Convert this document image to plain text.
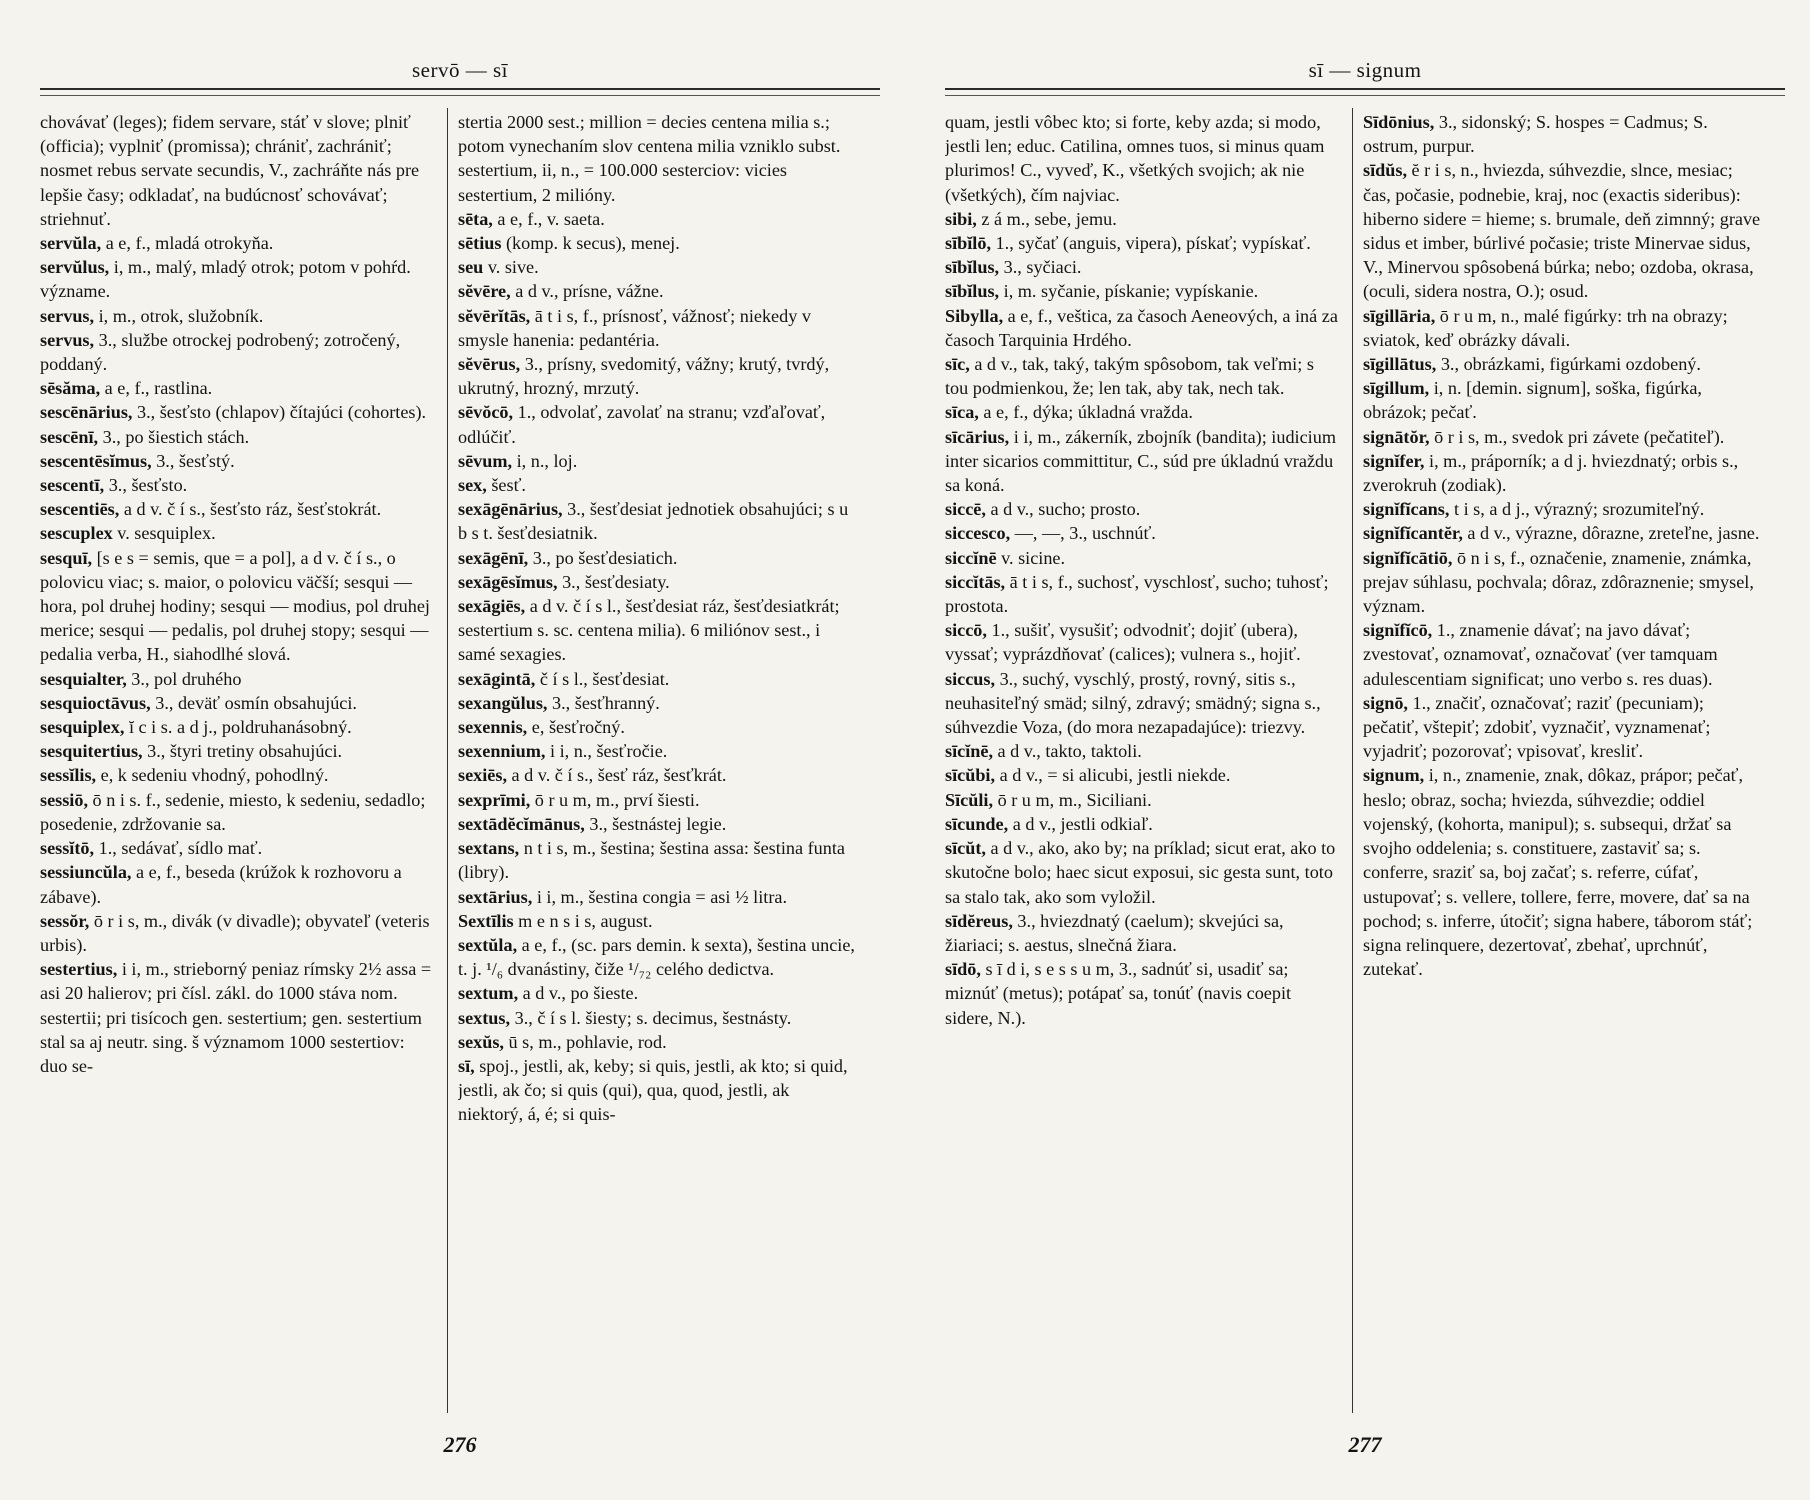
servō — sī

chovávať (leges); fidem servare, stáť v slove; plniť (officia); vyplniť (promissa); chrániť, zachrániť; nosmet rebus servate secundis, V., zachráňte nás pre lepšie časy; odkladať, na budúcnosť schovávať; striehnuť.

servŭla, a e, f., mladá otrokyňa.

servŭlus, i, m., malý, mladý otrok; potom v pohŕd. význame.

servus, i, m., otrok, služobník.

servus, 3., službe otrockej podrobený; zotročený, poddaný.

sēsăma, a e, f., rastlina.

sescēnārius, 3., šesťsto (chlapov) čítajúci (cohortes).

sescēnī, 3., po šiestich stách.

sescentēsĭmus, 3., šesťstý.

sescentī, 3., šesťsto.

sescentiēs, a d v. č í s., šesťsto ráz, šesťstokrát.

sescuplex v. sesquiplex.

sesquī, [s e s = semis, que = a pol], a d v. č í s., o polovicu viac; s. maior, o polovicu väčší; sesqui — hora, pol druhej hodiny; sesqui — modius, pol druhej merice; sesqui — pedalis, pol druhej stopy; sesqui — pedalia verba, H., siahodlhé slová.

sesquialter, 3., pol druhého

sesquioctāvus, 3., deväť osmín obsahujúci.

sesquiplex, ĭ c i s. a d j., poldruhanásobný.

sesquitertius, 3., štyri tretiny obsahujúci.

sessĭlis, e, k sedeniu vhodný, pohodlný.

sessiō, ō n i s. f., sedenie, miesto, k sedeniu, sedadlo; posedenie, zdržovanie sa.

sessĭtō, 1., sedávať, sídlo mať.

sessiuncŭla, a e, f., beseda (krúžok k rozhovoru a zábave).

sessŏr, ō r i s, m., divák (v divadle); obyvateľ (veteris urbis).

sestertius, i i, m., strieborný peniaz rímsky 2½ assa = asi 20 halierov; pri čísl. zákl. do 1000 stáva nom. sestertii; pri tisícoch gen. sestertium; gen. sestertium stal sa aj neutr. sing. š významom 1000 sestertiov: duo se-

stertia 2000 sest.; million = decies centena milia s.; potom vynechaním slov centena milia vzniklo subst. sestertium, ii, n., = 100.000 sesterciov: vicies sestertium, 2 milióny.

sēta, a e, f., v. saeta.

sētius (komp. k secus), menej.

seu v. sive.

sĕvēre, a d v., prísne, vážne.

sĕvērĭtās, ā t i s, f., prísnosť, vážnosť; niekedy v smysle hanenia: pedantéria.

sĕvērus, 3., prísny, svedomitý, vážny; krutý, tvrdý, ukrutný, hrozný, mrzutý.

sēvŏcō, 1., odvolať, zavolať na stranu; vzďaľovať, odlúčiť.

sēvum, i, n., loj.

sex, šesť.

sexāgēnārius, 3., šesťdesiat jednotiek obsahujúci; s u b s t. šesťdesiatnik.

sexāgēnī, 3., po šesťdesiatich.

sexāgēsĭmus, 3., šesťdesiaty.

sexāgiēs, a d v. č í s l., šesťdesiat ráz, šesťdesiatkrát; sestertium s. sc. centena milia). 6 miliónov sest., i samé sexagies.

sexāgintā, č í s l., šesťdesiat.

sexangŭlus, 3., šesťhranný.

sexennis, e, šesťročný.

sexennium, i i, n., šesťročie.

sexiēs, a d v. č í s., šesť ráz, šesťkrát.

sexprīmi, ō r u m, m., prví šiesti.

sextādĕcĭmānus, 3., šestnástej legie.

sextans, n t i s, m., šestina; šestina assa: šestina funta (libry).

sextārius, i i, m., šestina congia = asi ½ litra.

Sextīlis m e n s i s, august.

sextŭla, a e, f., (sc. pars demin. k sexta), šestina uncie, t. j. ¹/₆ dvanástiny, čiže ¹/₇₂ celého dedictva.

sextum, a d v., po šieste.

sextus, 3., č í s l. šiesty; s. decimus, šestnásty.

sexŭs, ū s, m., pohlavie, rod.

sī, spoj., jestli, ak, keby; si quis, jestli, ak kto; si quid, jestli, ak čo; si quis (qui), qua, quod, jestli, ak niektorý, á, é; si quis-

276
sī — signum

quam, jestli vôbec kto; si forte, keby azda; si modo, jestli len; educ. Catilina, omnes tuos, si minus quam plurimos! C., vyveď, K., všetkých svojich; ak nie (všetkých), čím najviac.

sibi, z á m., sebe, jemu.

sībĭlō, 1., syčať (anguis, vipera), pískať; vypískať.

sībĭlus, 3., syčiaci.

sībĭlus, i, m. syčanie, pískanie; vypískanie.

Sibylla, a e, f., veštica, za časoch Aeneových, a iná za časoch Tarquinia Hrdého.

sīc, a d v., tak, taký, takým spôsobom, tak veľmi; s tou podmienkou, že; len tak, aby tak, nech tak.

sīca, a e, f., dýka; úkladná vražda.

sīcārius, i i, m., zákerník, zbojník (bandita); iudicium inter sicarios committitur, C., súd pre úkladnú vraždu sa koná.

siccē, a d v., sucho; prosto.

siccesco, —, —, 3., uschnúť.

siccĭnē v. sicine.

siccĭtās, ā t i s, f., suchosť, vyschlosť, sucho; tuhosť; prostota.

siccō, 1., sušiť, vysušiť; odvodniť; dojiť (ubera), vyssať; vyprázdňovať (calices); vulnera s., hojiť.

siccus, 3., suchý, vyschlý, prostý, rovný, sitis s., neuhasiteľný smäd; silný, zdravý; smädný; signa s., súhvezdie Voza, (do mora nezapadajúce): triezvy.

sīcĭnē, a d v., takto, taktoli.

sīcŭbi, a d v., = si alicubi, jestli niekde.

Sīcŭli, ō r u m, m., Siciliani.

sīcunde, a d v., jestli odkiaľ.

sīcŭt, a d v., ako, ako by; na príklad; sicut erat, ako to skutočne bolo; haec sicut exposui, sic gesta sunt, toto sa stalo tak, ako som vyložil.

sīdĕreus, 3., hviezdnatý (caelum); skvejúci sa, žiariaci; s. aestus, slnečná žiara.

sīdō, s ī d i, s e s s u m, 3., sadnúť si, usadiť sa; miznúť (metus); potápať sa, tonúť (navis coepit sidere, N.).

Sīdōnius, 3., sidonský; S. hospes = Cadmus; S. ostrum, purpur.

sīdŭs, ĕ r i s, n., hviezda, súhvezdie, slnce, mesiac; čas, počasie, podnebie, kraj, noc (exactis sideribus): hiberno sidere = hieme; s. brumale, deň zimnný; grave sidus et imber, búrlivé počasie; triste Minervae sidus, V., Minervou spôsobená búrka; nebo; ozdoba, okrasa, (oculi, sidera nostra, O.); osud.

sīgillāria, ō r u m, n., malé figúrky: trh na obrazy; sviatok, keď obrázky dávali.

sīgillātus, 3., obrázkami, figúrkami ozdobený.

sīgillum, i, n. [demin. signum], soška, figúrka, obrázok; pečať.

signātŏr, ō r i s, m., svedok pri závete (pečatiteľ).

signĭfer, i, m., práporník; a d j. hviezdnatý; orbis s., zverokruh (zodiak).

signĭfĭcans, t i s, a d j., výrazný; srozumiteľný.

signĭfĭcantĕr, a d v., výrazne, dôrazne, zreteľne, jasne.

signĭfĭcātiō, ō n i s, f., označenie, znamenie, známka, prejav súhlasu, pochvala; dôraz, zdôraznenie; smysel, význam.

signĭfĭcō, 1., znamenie dávať; na javo dávať; zvestovať, oznamovať, označovať (ver tamquam adulescentiam significat; uno verbo s. res duas).

signō, 1., značiť, označovať; raziť (pecuniam); pečatiť, vštepiť; zdobiť, vyznačiť, vyznamenať; vyjadriť; pozorovať; vpisovať, kresliť.

signum, i, n., znamenie, znak, dôkaz, prápor; pečať, heslo; obraz, socha; hviezda, súhvezdie; oddiel vojenský, (kohorta, manipul); s. subsequi, držať sa svojho oddelenia; s. constituere, zastaviť sa; s. conferre, sraziť sa, boj začať; s. referre, cúfať, ustupovať; s. vellere, tollere, ferre, movere, dať sa na pochod; s. inferre, útočiť; signa habere, táborom stáť; signa relinquere, dezertovať, zbehať, uprchnúť, zutekať.

277
